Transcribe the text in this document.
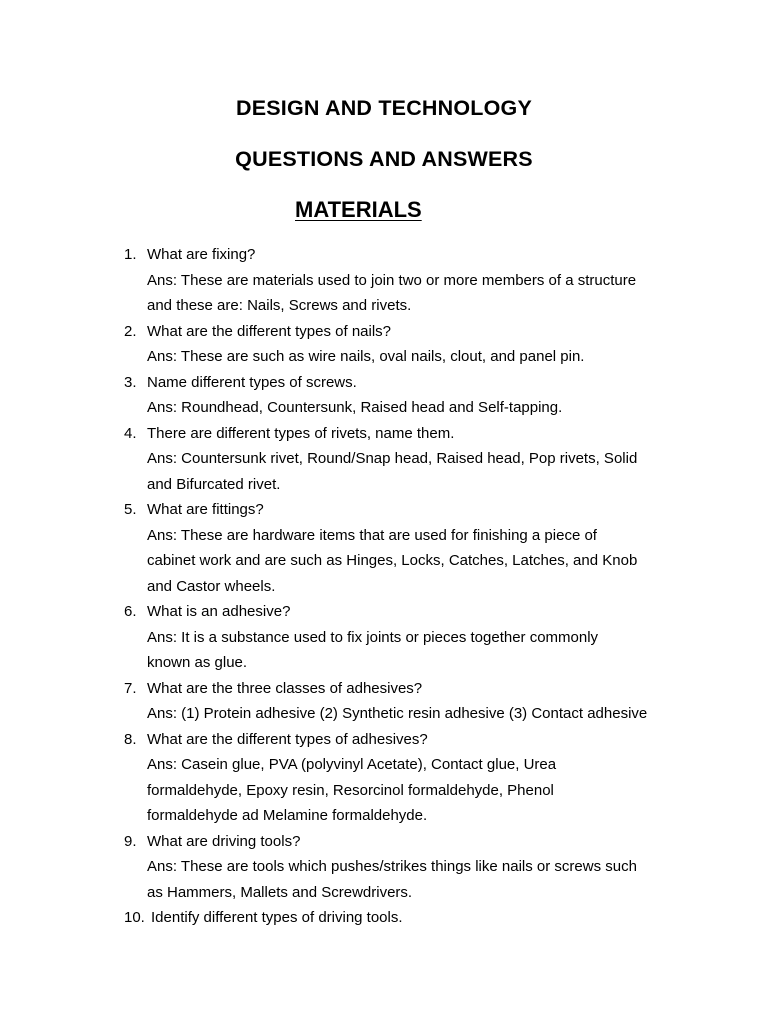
DESIGN AND TECHNOLOGY
QUESTIONS AND ANSWERS
MATERIALS
1. What are fixing?
Ans: These are materials used to join two or more members of a structure
and these are: Nails, Screws and rivets.
2. What are the different types of nails?
Ans: These are such as wire nails, oval nails, clout, and panel pin.
3. Name different types of screws.
Ans: Roundhead, Countersunk, Raised head and Self-tapping.
4. There are different types of rivets, name them.
Ans: Countersunk rivet, Round/Snap head, Raised head, Pop rivets, Solid
and Bifurcated rivet.
5. What are fittings?
Ans: These are hardware items that are used for finishing a piece of
cabinet work and are such as Hinges, Locks, Catches, Latches, and Knob
and Castor wheels.
6. What is an adhesive?
Ans: It is a substance used to fix joints or pieces together commonly
known as glue.
7. What are the three classes of adhesives?
Ans: (1) Protein adhesive (2) Synthetic resin adhesive (3) Contact adhesive
8. What are the different types of adhesives?
Ans: Casein glue, PVA (polyvinyl Acetate), Contact glue, Urea
formaldehyde, Epoxy resin, Resorcinol formaldehyde, Phenol
formaldehyde ad Melamine formaldehyde.
9. What are driving tools?
Ans: These are tools which pushes/strikes things like nails or screws such
as Hammers, Mallets and Screwdrivers.
10. Identify different types of driving tools.
